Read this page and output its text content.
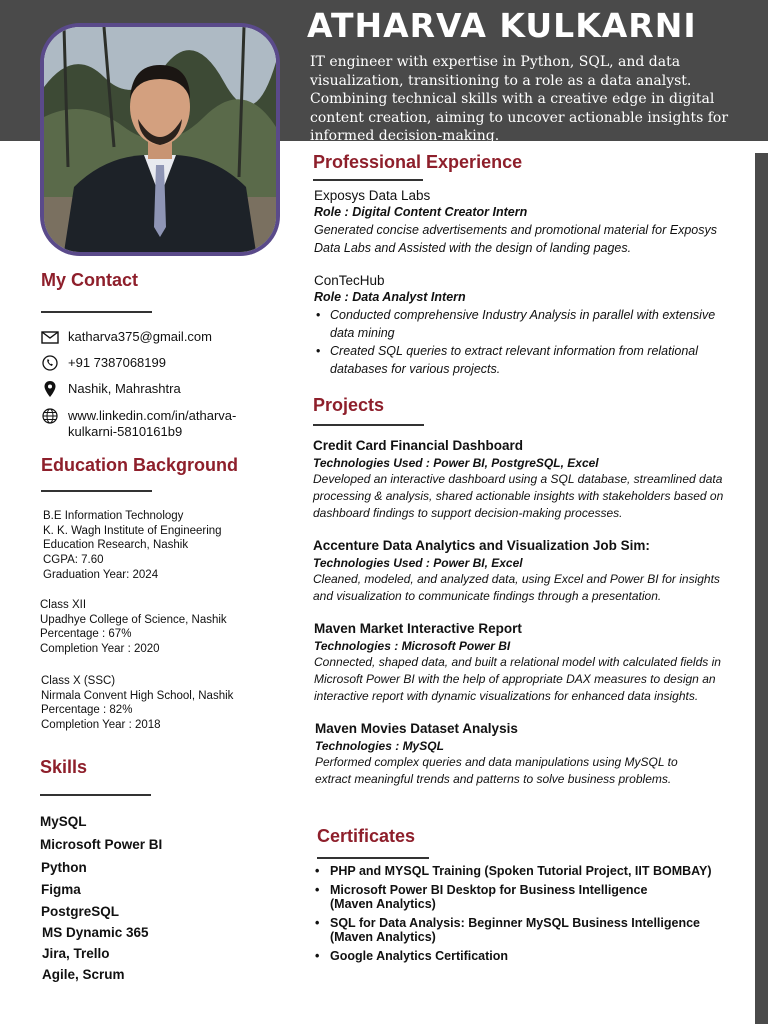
ATHARVA KULKARNI
IT engineer with expertise in Python, SQL, and data visualization, transitioning to a role as a data analyst. Combining technical skills with a creative edge in digital content creation, aiming to uncover actionable insights for informed decision-making.
My Contact
katharva375@gmail.com
+91 7387068199
Nashik, Mahrashtra
www.linkedin.com/in/atharva-
kulkarni-5810161b9
Education Background
B.E Information Technology
K. K. Wagh Institute of Engineering
Education Research, Nashik
CGPA: 7.60
Graduation Year: 2024
Class XII
Upadhye College of Science, Nashik
Percentage : 67%
Completion Year : 2020
Class X (SSC)
Nirmala Convent High School, Nashik
Percentage : 82%
Completion Year : 2018
Skills
MySQL
Microsoft Power BI
Python
Figma
PostgreSQL
MS Dynamic 365
Jira, Trello
Agile, Scrum
Professional Experience
Exposys Data Labs
Role : Digital Content Creator Intern
Generated concise advertisements and promotional material for Exposys Data Labs and Assisted with the design of landing pages.
ConTecHub
Role : Data Analyst Intern
• Conducted comprehensive Industry Analysis in parallel with extensive data mining
• Created SQL queries to extract relevant information from relational databases for various projects.
Projects
Credit Card Financial Dashboard
Technologies Used : Power BI, PostgreSQL, Excel
Developed an interactive dashboard using a SQL database, streamlined data processing & analysis, shared actionable insights with stakeholders based on dashboard findings to support decision-making processes.
Accenture Data Analytics and Visualization Job Sim:
Technologies Used : Power BI, Excel
Cleaned, modeled, and analyzed data, using Excel and Power BI for insights and visualization to communicate findings through a presentation.
Maven Market Interactive Report
Technologies : Microsoft Power BI
Connected, shaped data, and built a relational model with calculated fields in Microsoft Power BI with the help of appropriate DAX measures to design an interactive report with dynamic visualizations for enhanced data insights.
Maven Movies Dataset Analysis
Technologies : MySQL
Performed complex queries and data manipulations using MySQL to extract meaningful trends and patterns to solve business problems.
Certificates
• PHP and MYSQL Training (Spoken Tutorial Project, IIT BOMBAY)
• Microsoft Power BI Desktop for Business Intelligence (Maven Analytics)
• SQL for Data Analysis: Beginner MySQL Business Intelligence (Maven Analytics)
• Google Analytics Certification
